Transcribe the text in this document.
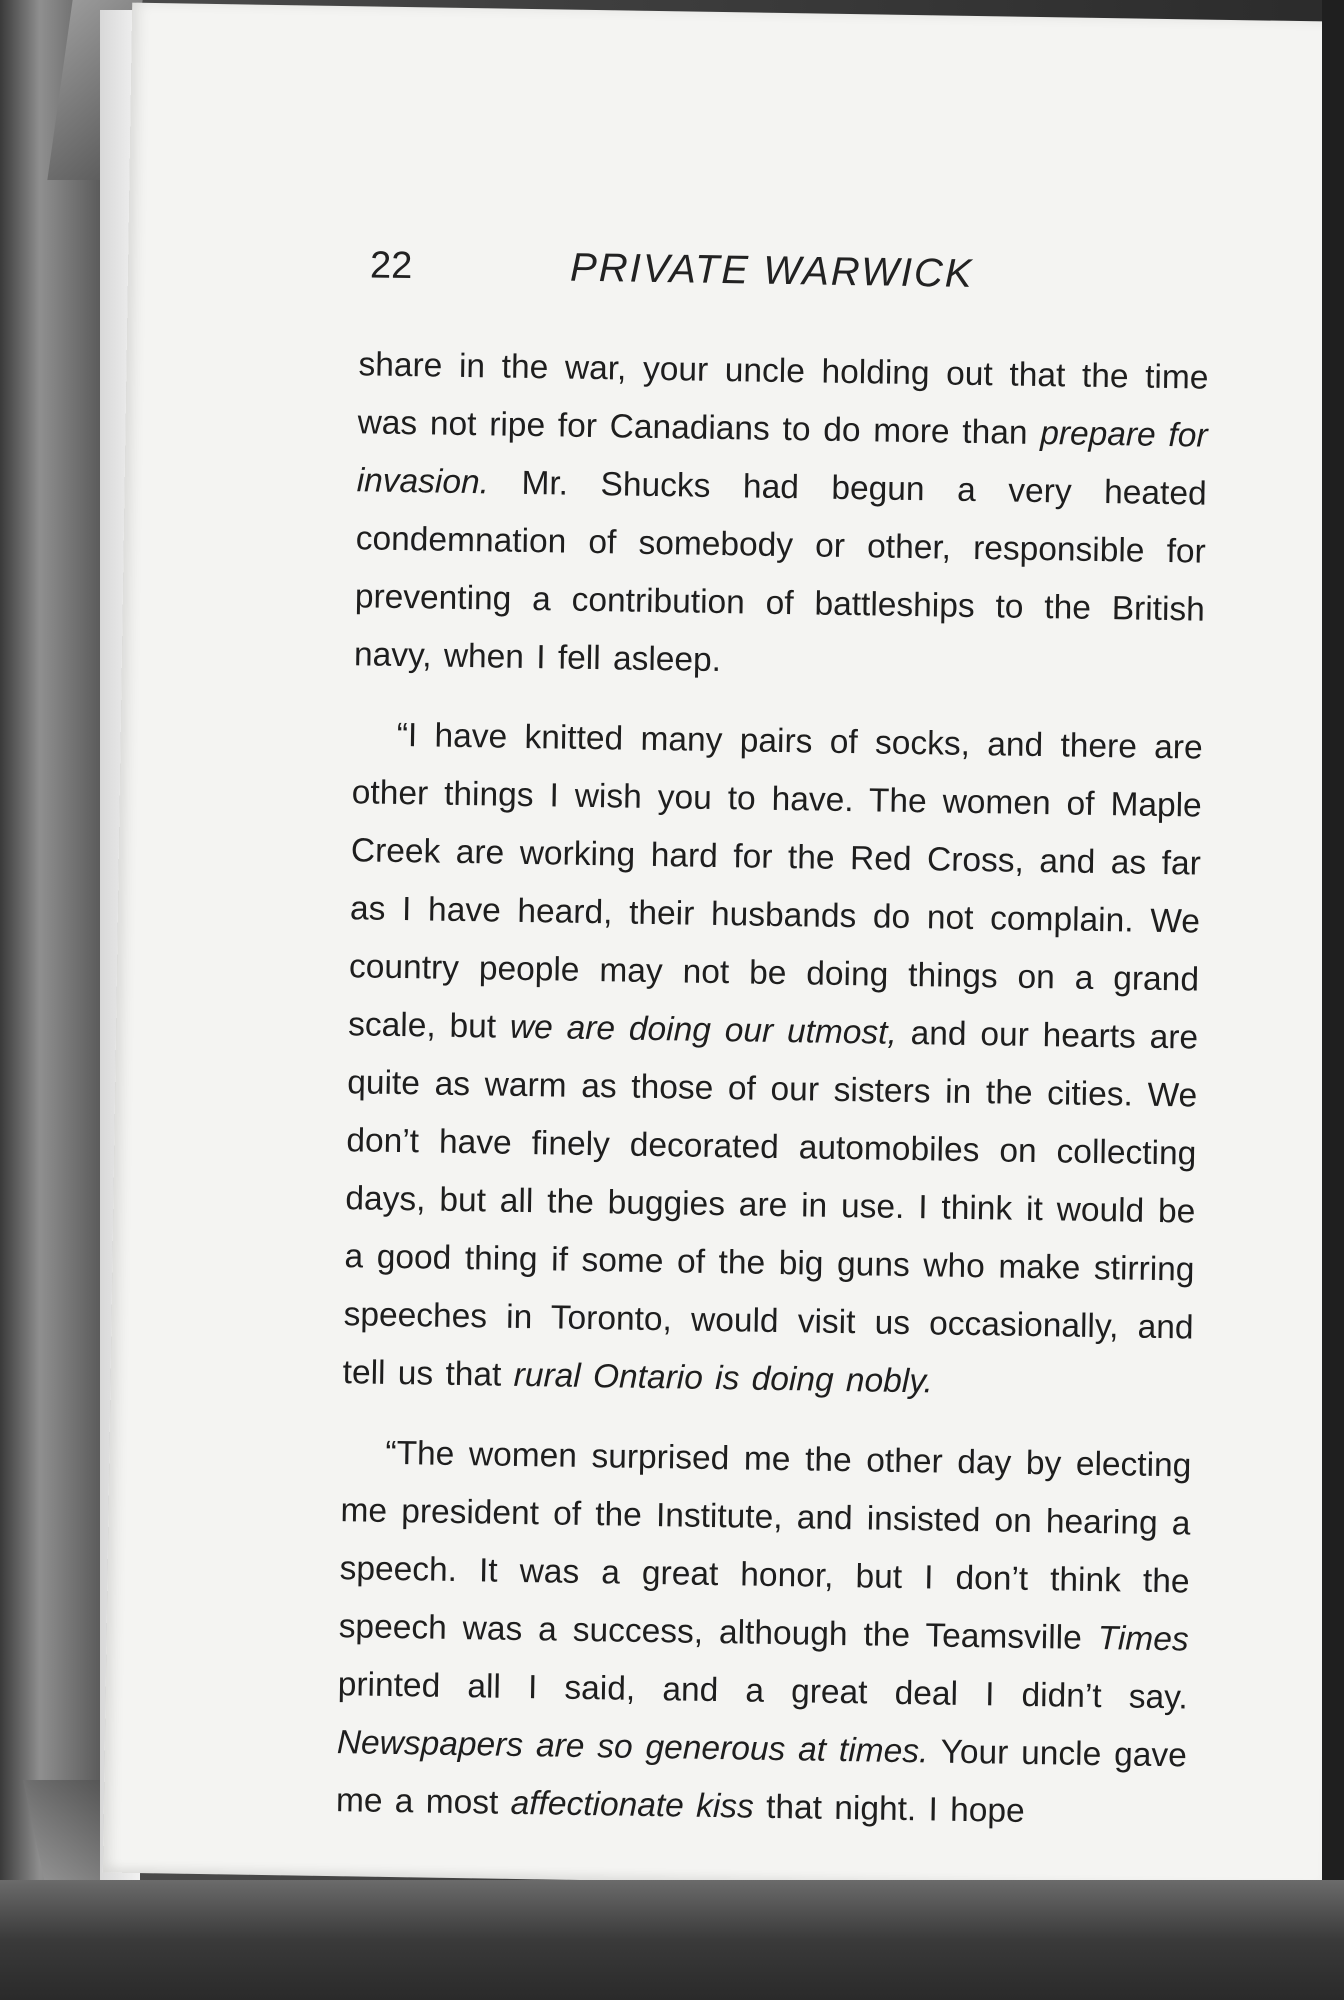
22	PRIVATE WARWICK

share in the war, your uncle holding out that the time was not ripe for Canadians to do more than prepare for invasion. Mr. Shucks had begun a very heated condemnation of somebody or other, responsible for preventing a contribution of battleships to the British navy, when I fell asleep.

“I have knitted many pairs of socks, and there are other things I wish you to have. The women of Maple Creek are working hard for the Red Cross, and as far as I have heard, their husbands do not complain. We country people may not be doing things on a grand scale, but we are doing our utmost, and our hearts are quite as warm as those of our sisters in the cities. We don’t have finely decorated automobiles on collecting days, but all the buggies are in use. I think it would be a good thing if some of the big guns who make stirring speeches in Toronto, would visit us occasionally, and tell us that rural Ontario is doing nobly.

“The women surprised me the other day by electing me president of the Institute, and insisted on hearing a speech. It was a great honor, but I don’t think the speech was a success, although the Teamsville Times printed all I said, and a great deal I didn’t say. Newspapers are so generous at times. Your uncle gave me a most affectionate kiss that night. I hope
